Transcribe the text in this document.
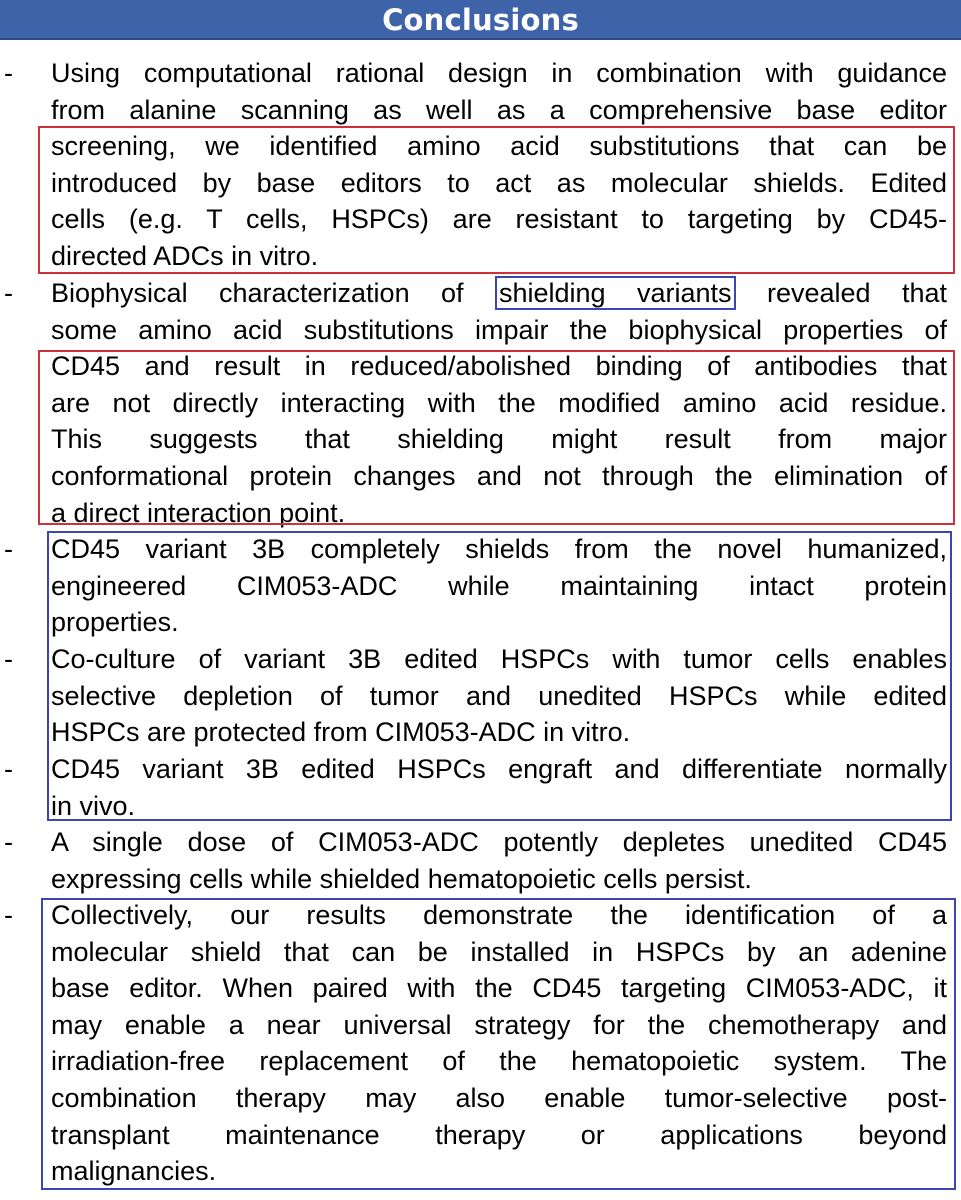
Conclusions
- Using computational rational design in combination with guidance
from alanine scanning as well as a comprehensive base editor
screening, we identified amino acid substitutions that can be
introduced by base editors to act as molecular shields. Edited
cells (e.g. T cells, HSPCs) are resistant to targeting by CD45-
directed ADCs in vitro.
- Biophysical characterization of shielding variants revealed that
some amino acid substitutions impair the biophysical properties of
CD45 and result in reduced/abolished binding of antibodies that
are not directly interacting with the modified amino acid residue.
This suggests that shielding might result from major
conformational protein changes and not through the elimination of
a direct interaction point.
- CD45 variant 3B completely shields from the novel humanized,
engineered CIM053-ADC while maintaining intact protein
properties.
- Co-culture of variant 3B edited HSPCs with tumor cells enables
selective depletion of tumor and unedited HSPCs while edited
HSPCs are protected from CIM053-ADC in vitro.
- CD45 variant 3B edited HSPCs engraft and differentiate normally
in vivo.
- A single dose of CIM053-ADC potently depletes unedited CD45
expressing cells while shielded hematopoietic cells persist.
- Collectively, our results demonstrate the identification of a
molecular shield that can be installed in HSPCs by an adenine
base editor. When paired with the CD45 targeting CIM053-ADC, it
may enable a near universal strategy for the chemotherapy and
irradiation-free replacement of the hematopoietic system. The
combination therapy may also enable tumor-selective post-
transplant maintenance therapy or applications beyond
malignancies.
